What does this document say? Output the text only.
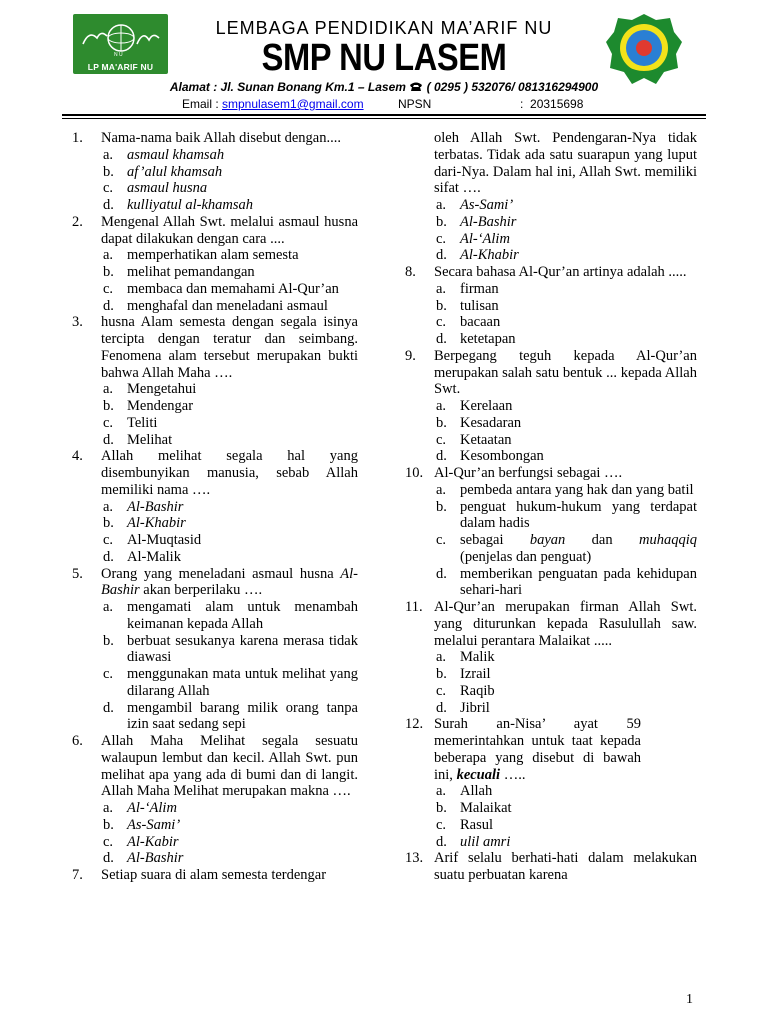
N U
LP MA'ARIF NU
LEMBAGA PENDIDIKAN MA’ARIF NU
SMP NU LASEM
Alamat : Jl. Sunan Bonang Km.1 – Lasem ( 0295 ) 532076/ 081316294900
Email : smpnulasem1@gmail.com	NPSN	: 20315698
1. Nama-nama baik Allah disebut dengan....
a. asmaul khamsah
b. af’alul khamsah
c. asmaul husna
d. kulliyatul al-khamsah
2. Mengenal Allah Swt. melalui asmaul husna dapat dilakukan dengan cara ....
a. memperhatikan alam semesta
b. melihat pemandangan
c. membaca dan memahami Al-Qur’an
d. menghafal dan meneladani asmaul
3. husna Alam semesta dengan segala isinya tercipta dengan teratur dan seimbang. Fenomena alam tersebut merupakan bukti bahwa Allah Maha ….
a. Mengetahui
b. Mendengar
c. Teliti
d. Melihat
4. Allah melihat segala hal yang disembunyikan manusia, sebab Allah memiliki nama ….
a. Al-Bashir
b. Al-Khabir
c. Al-Muqtasid
d. Al-Malik
5. Orang yang meneladani asmaul husna Al-Bashir akan berperilaku ….
a. mengamati alam untuk menambah keimanan kepada Allah
b. berbuat sesukanya karena merasa tidak diawasi
c. menggunakan mata untuk melihat yang dilarang Allah
d. mengambil barang milik orang tanpa izin saat sedang sepi
6. Allah Maha Melihat segala sesuatu walaupun lembut dan kecil. Allah Swt. pun melihat apa yang ada di bumi dan di langit. Allah Maha Melihat merupakan makna ….
a. Al-‘Alim
b. As-Sami’
c. Al-Kabir
d. Al-Bashir
7. Setiap suara di alam semesta terdengar
oleh Allah Swt. Pendengaran-Nya tidak terbatas. Tidak ada satu suarapun yang luput dari-Nya. Dalam hal ini, Allah Swt. memiliki sifat ….
a. As-Sami’
b. Al-Bashir
c. Al-‘Alim
d. Al-Khabir
8. Secara bahasa Al-Qur’an artinya adalah .....
a. firman
b. tulisan
c. bacaan
d. ketetapan
9. Berpegang teguh kepada Al-Qur’an merupakan salah satu bentuk ... kepada Allah Swt.
a. Kerelaan
b. Kesadaran
c. Ketaatan
d. Kesombongan
10. Al-Qur’an berfungsi sebagai ….
a. pembeda antara yang hak dan yang batil
b. penguat hukum-hukum yang terdapat dalam hadis
c. sebagai bayan dan muhaqqiq
(penjelas dan penguat)
d. memberikan penguatan pada kehidupan sehari-hari
11. Al-Qur’an merupakan firman Allah Swt. yang diturunkan kepada Rasulullah saw. melalui perantara Malaikat .....
a. Malik
b. Izrail
c. Raqib
d. Jibril
12. Surah an-Nisa’ ayat 59 memerintahkan untuk taat kepada beberapa yang disebut di bawah ini, kecuali …..
a. Allah
b. Malaikat
c. Rasul
d. ulil amri
13. Arif selalu berhati-hati dalam melakukan suatu perbuatan karena
1
